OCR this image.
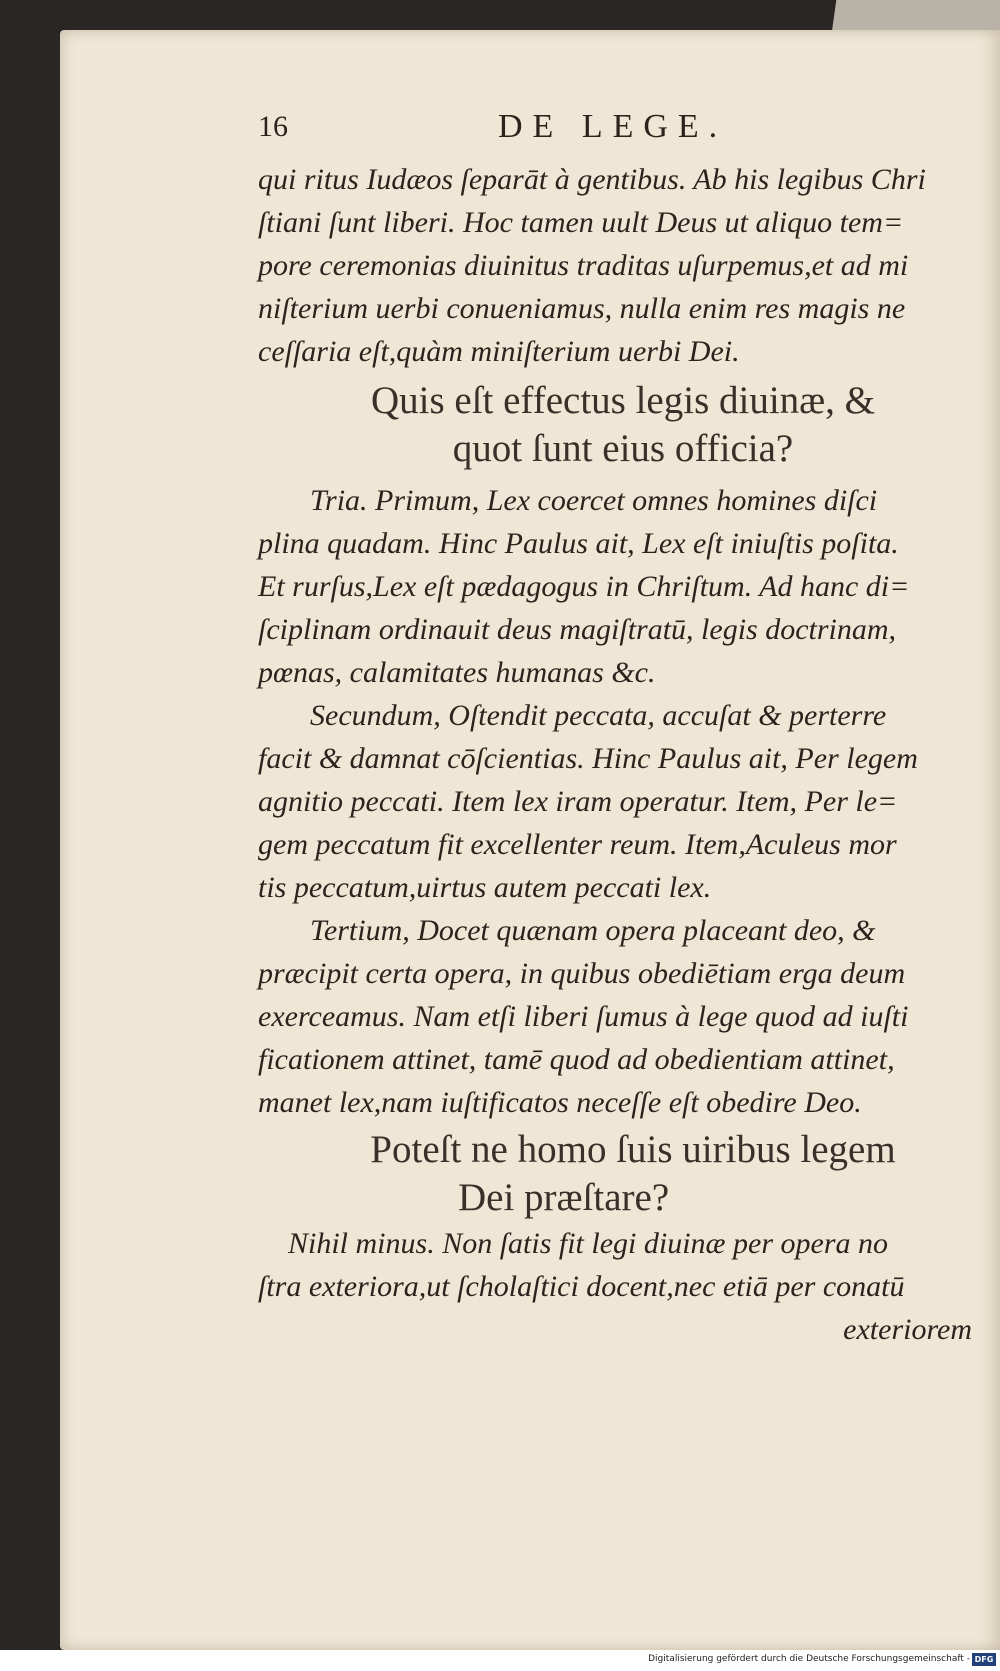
16	DE LEGE.
qui ritus Iudæos ſeparāt à gentibus. Ab his legibus Chri
ſtiani ſunt liberi. Hoc tamen uult Deus ut aliquo tem=
pore ceremonias diuinitus traditas uſurpemus,et ad mi
niſterium uerbi conueniamus, nulla enim res magis ne
ceſſaria eſt,quàm miniſterium uerbi Dei.
Quis eſt effectus legis diuinæ, &
quot ſunt eius officia?
Tria. Primum, Lex coercet omnes homines diſci
plina quadam. Hinc Paulus ait, Lex eſt iniuſtis poſita.
Et rurſus,Lex eſt pædagogus in Chriſtum. Ad hanc di=
ſciplinam ordinauit deus magiſtratū, legis doctrinam,
pœnas, calamitates humanas &c.
Secundum, Oſtendit peccata, accuſat & perterre
facit & damnat cōſcientias. Hinc Paulus ait, Per legem
agnitio peccati. Item lex iram operatur. Item, Per le=
gem peccatum fit excellenter reum. Item,Aculeus mor
tis peccatum,uirtus autem peccati lex.
Tertium, Docet quænam opera placeant deo, &
præcipit certa opera, in quibus obediētiam erga deum
exerceamus. Nam etſi liberi ſumus à lege quod ad iuſti
ficationem attinet, tamē quod ad obedientiam attinet,
manet lex,nam iuſtificatos neceſſe eſt obedire Deo.
Poteſt ne homo ſuis uiribus legem
Dei præſtare?
Nihil minus. Non ſatis fit legi diuinæ per opera no
ſtra exteriora,ut ſcholaſtici docent,nec etiā per conatū
exteriorem
Digitalisierung gefördert durch die Deutsche Forschungsgemeinschaft - DFG
